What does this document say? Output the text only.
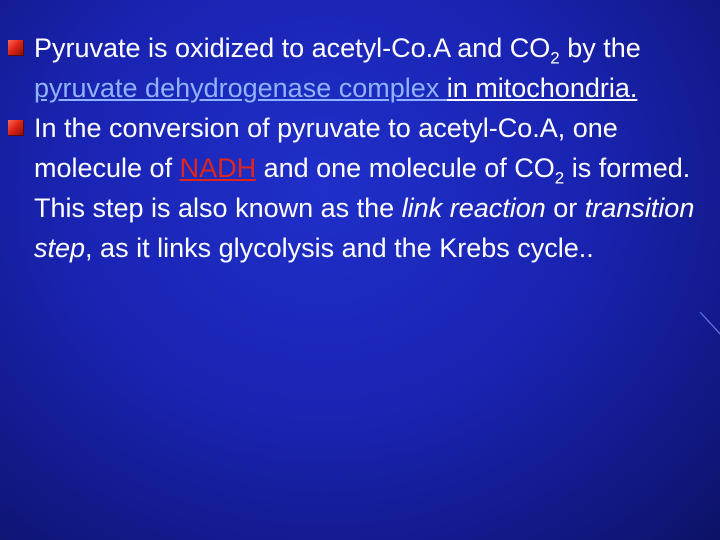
Pyruvate is oxidized to acetyl-Co.A and $CO_2$ by the pyruvate dehydrogenase complex in mitochondria.
In the conversion of pyruvate to acetyl-Co.A, one molecule of NADH and one molecule of $CO_2$ is formed. This step is also known as the link reaction or transition step, as it links glycolysis and the Krebs cycle..
